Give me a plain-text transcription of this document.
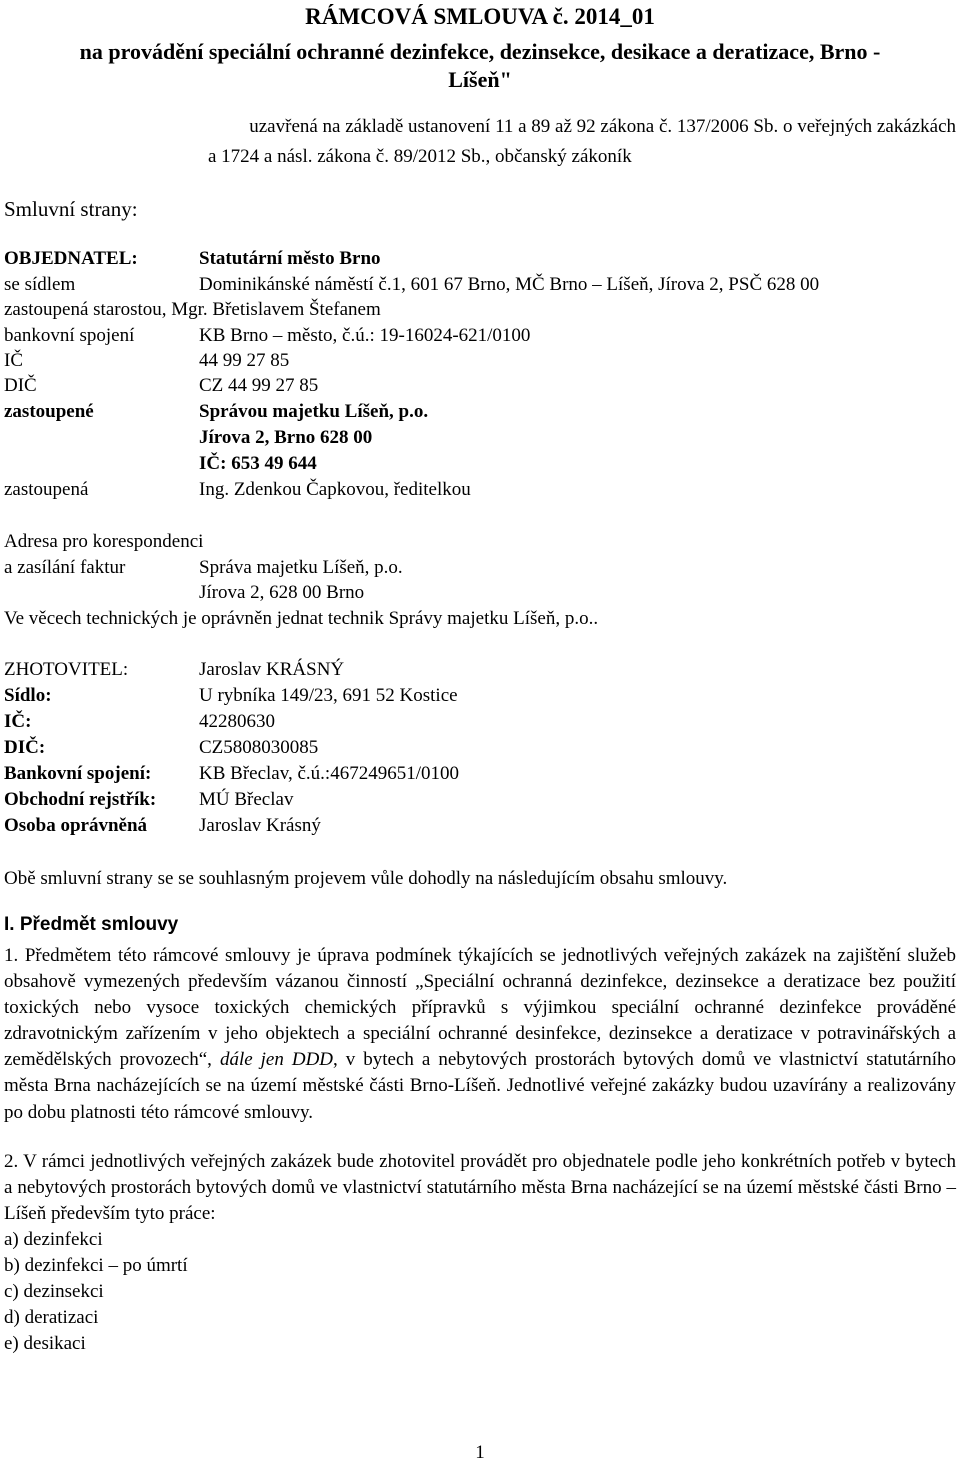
RÁMCOVÁ SMLOUVA č. 2014_01
na provádění speciální ochranné dezinfekce, dezinsekce, desikace a deratizace, Brno -
Líšeň"
uzavřená na základě ustanovení 11 a 89 až 92 zákona č. 137/2006 Sb. o veřejných zakázkách
a 1724 a násl. zákona č. 89/2012 Sb., občanský zákoník
Smluvní strany:
OBJEDNATEL:	Statutární město Brno
se sídlem	Dominikánské náměstí č.1, 601 67 Brno, MČ Brno – Líšeň, Jírova 2, PSČ 628 00
zastoupená starostou, Mgr. Břetislavem Štefanem
bankovní spojení	KB Brno – město, č.ú.: 19-16024-621/0100
IČ	44 99 27 85
DIČ	CZ 44 99 27 85
zastoupené	Správou majetku Líšeň, p.o.
Jírova 2, Brno 628 00
IČ: 653 49 644
zastoupená	Ing. Zdenkou Čapkovou, ředitelkou
Adresa pro korespondenci
a zasílání faktur	Správa majetku Líšeň, p.o.
Jírova 2, 628 00 Brno
Ve věcech technických je oprávněn jednat technik Správy majetku Líšeň, p.o..
ZHOTOVITEL:	Jaroslav KRÁSNÝ
Sídlo:	U rybníka 149/23, 691 52 Kostice
IČ:	42280630
DIČ:	CZ5808030085
Bankovní spojení:	KB Břeclav, č.ú.:467249651/0100
Obchodní rejstřík: MÚ Břeclav
Osoba oprávněná	Jaroslav Krásný
Obě smluvní strany se se souhlasným projevem vůle dohodly na následujícím obsahu smlouvy.
I. Předmět smlouvy
1. Předmětem této rámcové smlouvy je úprava podmínek týkajících se jednotlivých veřejných zakázek na zajištění služeb obsahově vymezených především vázanou činností „Speciální ochranná dezinfekce, dezinsekce a deratizace bez použití toxických nebo vysoce toxických chemických přípravků s výjimkou speciální ochranné dezinfekce prováděné zdravotnickým zařízením v jeho objektech a speciální ochranné desinfekce, dezinsekce a deratizace v potravinářských a zemědělských provozech“, dále jen DDD, v bytech a nebytových prostorách bytových domů ve vlastnictví statutárního města Brna nacházejících se na území městské části Brno-Líšeň. Jednotlivé veřejné zakázky budou uzavírány a realizovány po dobu platnosti této rámcové smlouvy.
2. V rámci jednotlivých veřejných zakázek bude zhotovitel provádět pro objednatele podle jeho konkrétních potřeb v bytech a nebytových prostorách bytových domů ve vlastnictví statutárního města Brna nacházející se na území městské části Brno – Líšeň především tyto práce:
a) dezinfekci
b) dezinfekci – po úmrtí
c) dezinsekci
d) deratizaci
e) desikaci
1
